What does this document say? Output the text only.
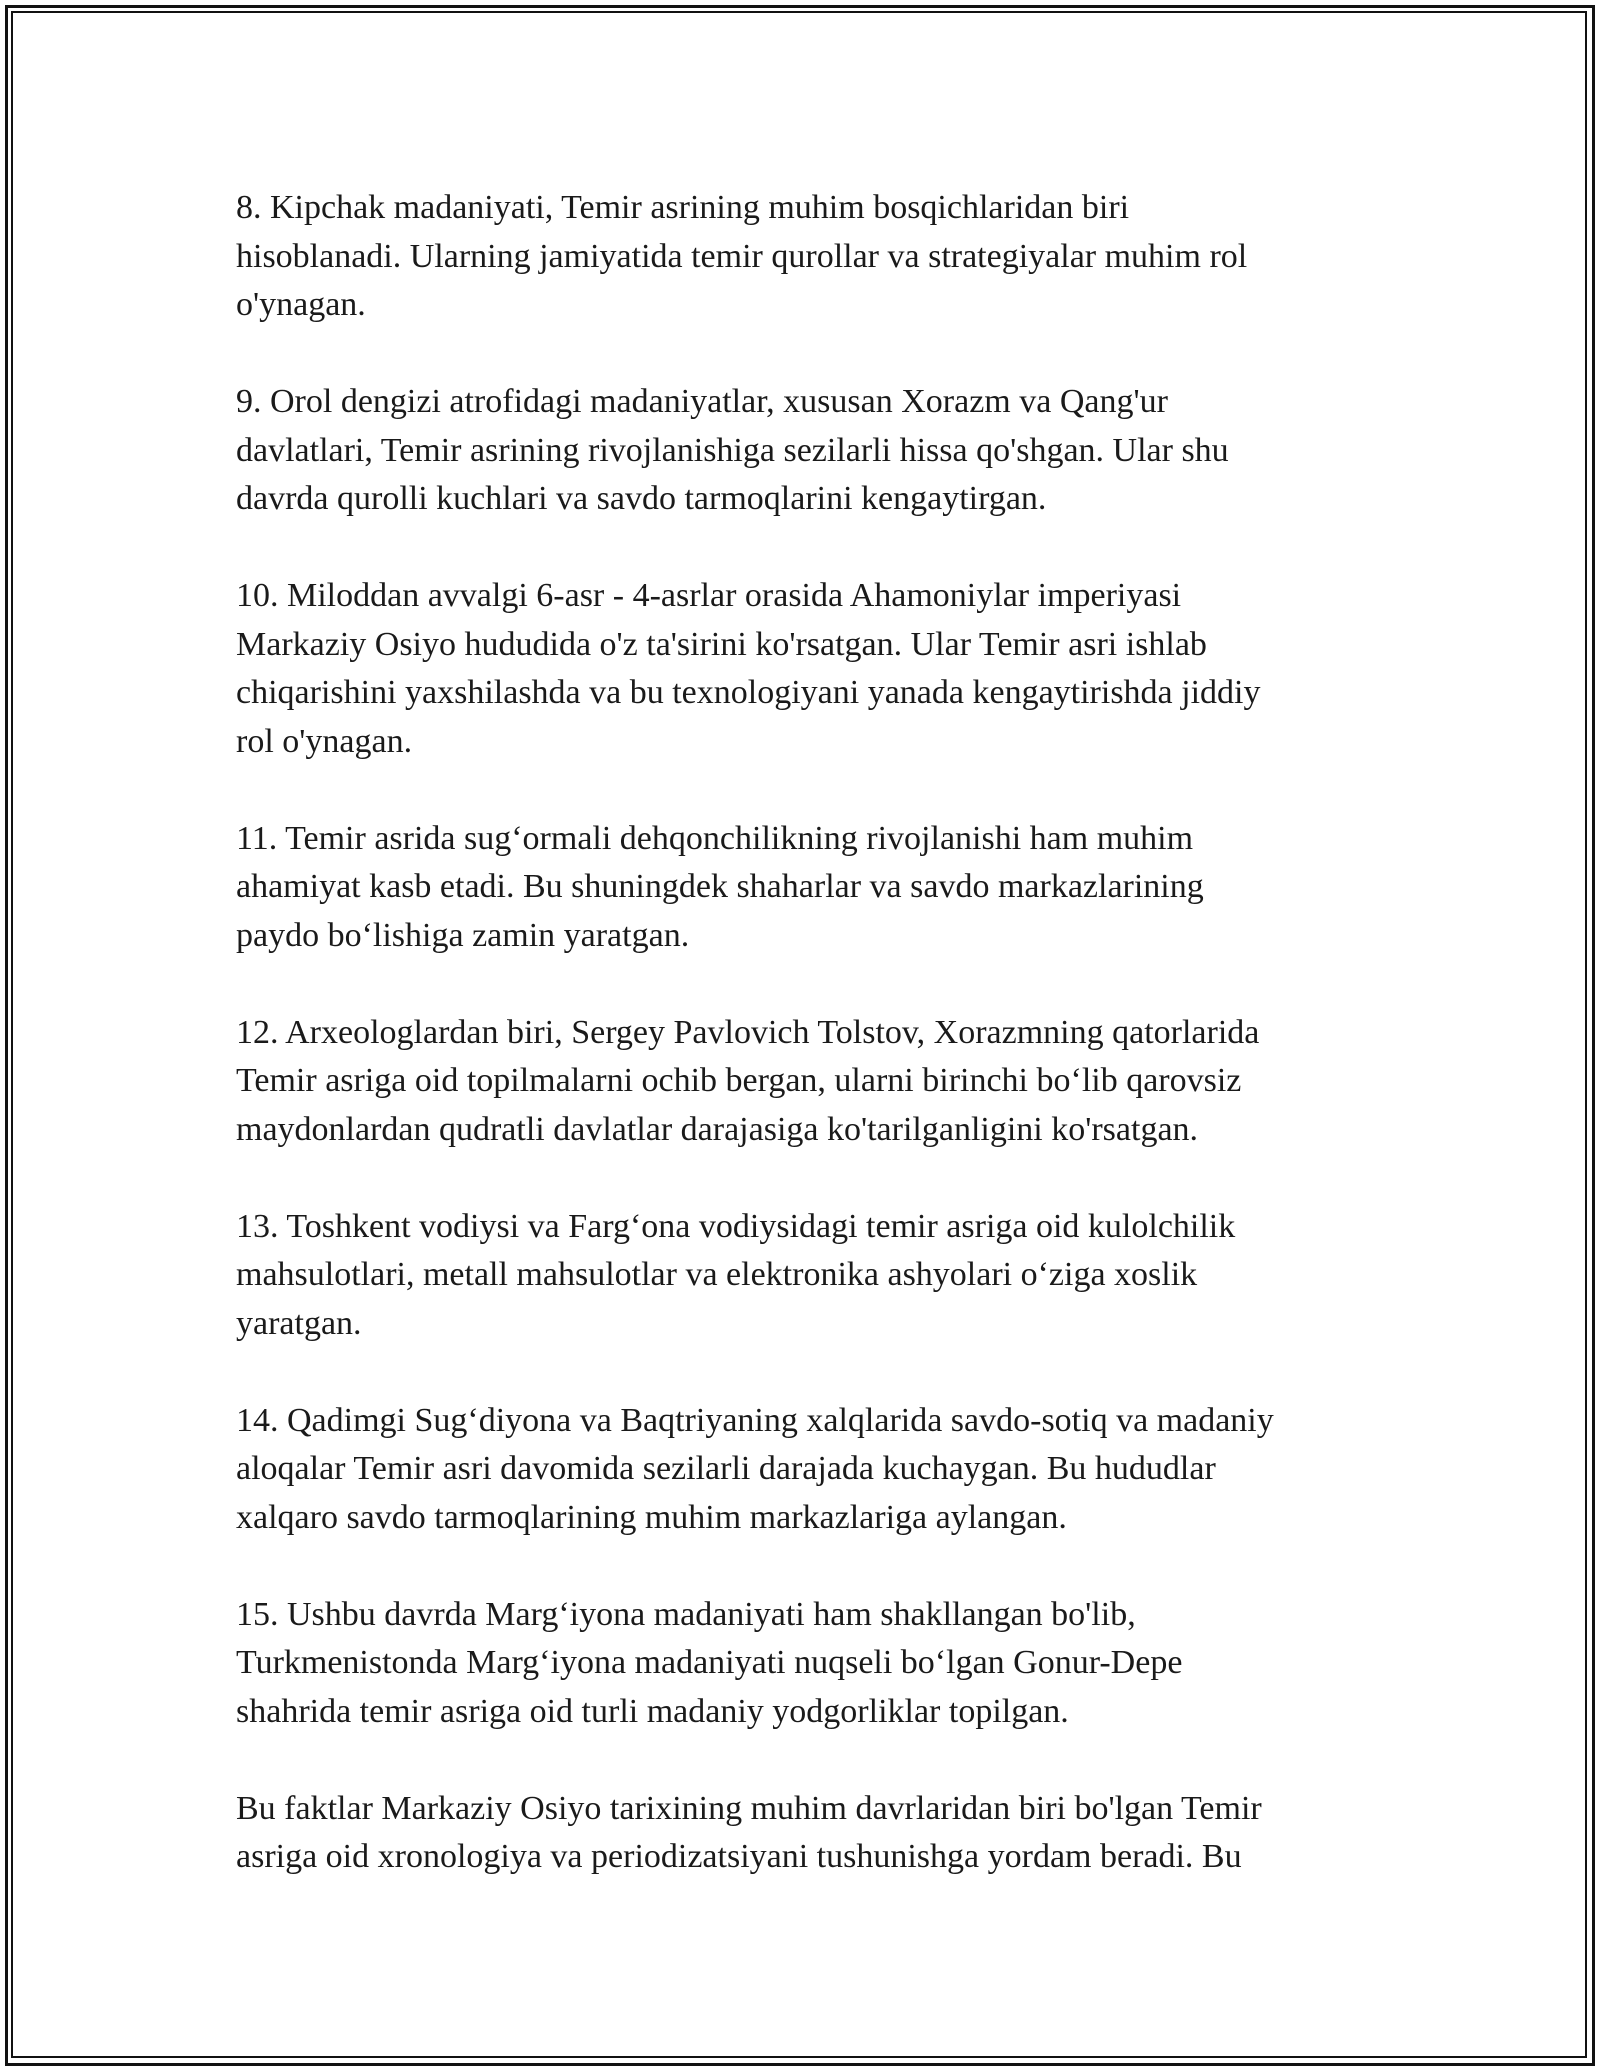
8. Kipchak madaniyati, Temir asrining muhim bosqichlaridan biri
hisoblanadi. Ularning jamiyatida temir qurollar va strategiyalar muhim rol
o'ynagan.

9. Orol dengizi atrofidagi madaniyatlar, xususan Xorazm va Qang'ur
davlatlari, Temir asrining rivojlanishiga sezilarli hissa qo'shgan. Ular shu
davrda qurolli kuchlari va savdo tarmoqlarini kengaytirgan.

10. Miloddan avvalgi 6-asr - 4-asrlar orasida Ahamoniylar imperiyasi
Markaziy Osiyo hududida o'z ta'sirini ko'rsatgan. Ular Temir asri ishlab
chiqarishini yaxshilashda va bu texnologiyani yanada kengaytirishda jiddiy
rol o'ynagan.

11. Temir asrida sug‘ormali dehqonchilikning rivojlanishi ham muhim
ahamiyat kasb etadi. Bu shuningdek shaharlar va savdo markazlarining
paydo bo‘lishiga zamin yaratgan.

12. Arxeologlardan biri, Sergey Pavlovich Tolstov, Xorazmning qatorlarida
Temir asriga oid topilmalarni ochib bergan, ularni birinchi bo‘lib qarovsiz
maydonlardan qudratli davlatlar darajasiga ko'tarilganligini ko'rsatgan.

13. Toshkent vodiysi va Farg‘ona vodiysidagi temir asriga oid kulolchilik
mahsulotlari, metall mahsulotlar va elektronika ashyolari o‘ziga xoslik
yaratgan.

14. Qadimgi Sug‘diyona va Baqtriyaning xalqlarida savdo-sotiq va madaniy
aloqalar Temir asri davomida sezilarli darajada kuchaygan. Bu hududlar
xalqaro savdo tarmoqlarining muhim markazlariga aylangan.

15. Ushbu davrda Marg‘iyona madaniyati ham shakllangan bo'lib,
Turkmenistonda Marg‘iyona madaniyati nuqseli bo‘lgan Gonur-Depe
shahrida temir asriga oid turli madaniy yodgorliklar topilgan.

Bu faktlar Markaziy Osiyo tarixining muhim davrlaridan biri bo'lgan Temir
asriga oid xronologiya va periodizatsiyani tushunishga yordam beradi. Bu
